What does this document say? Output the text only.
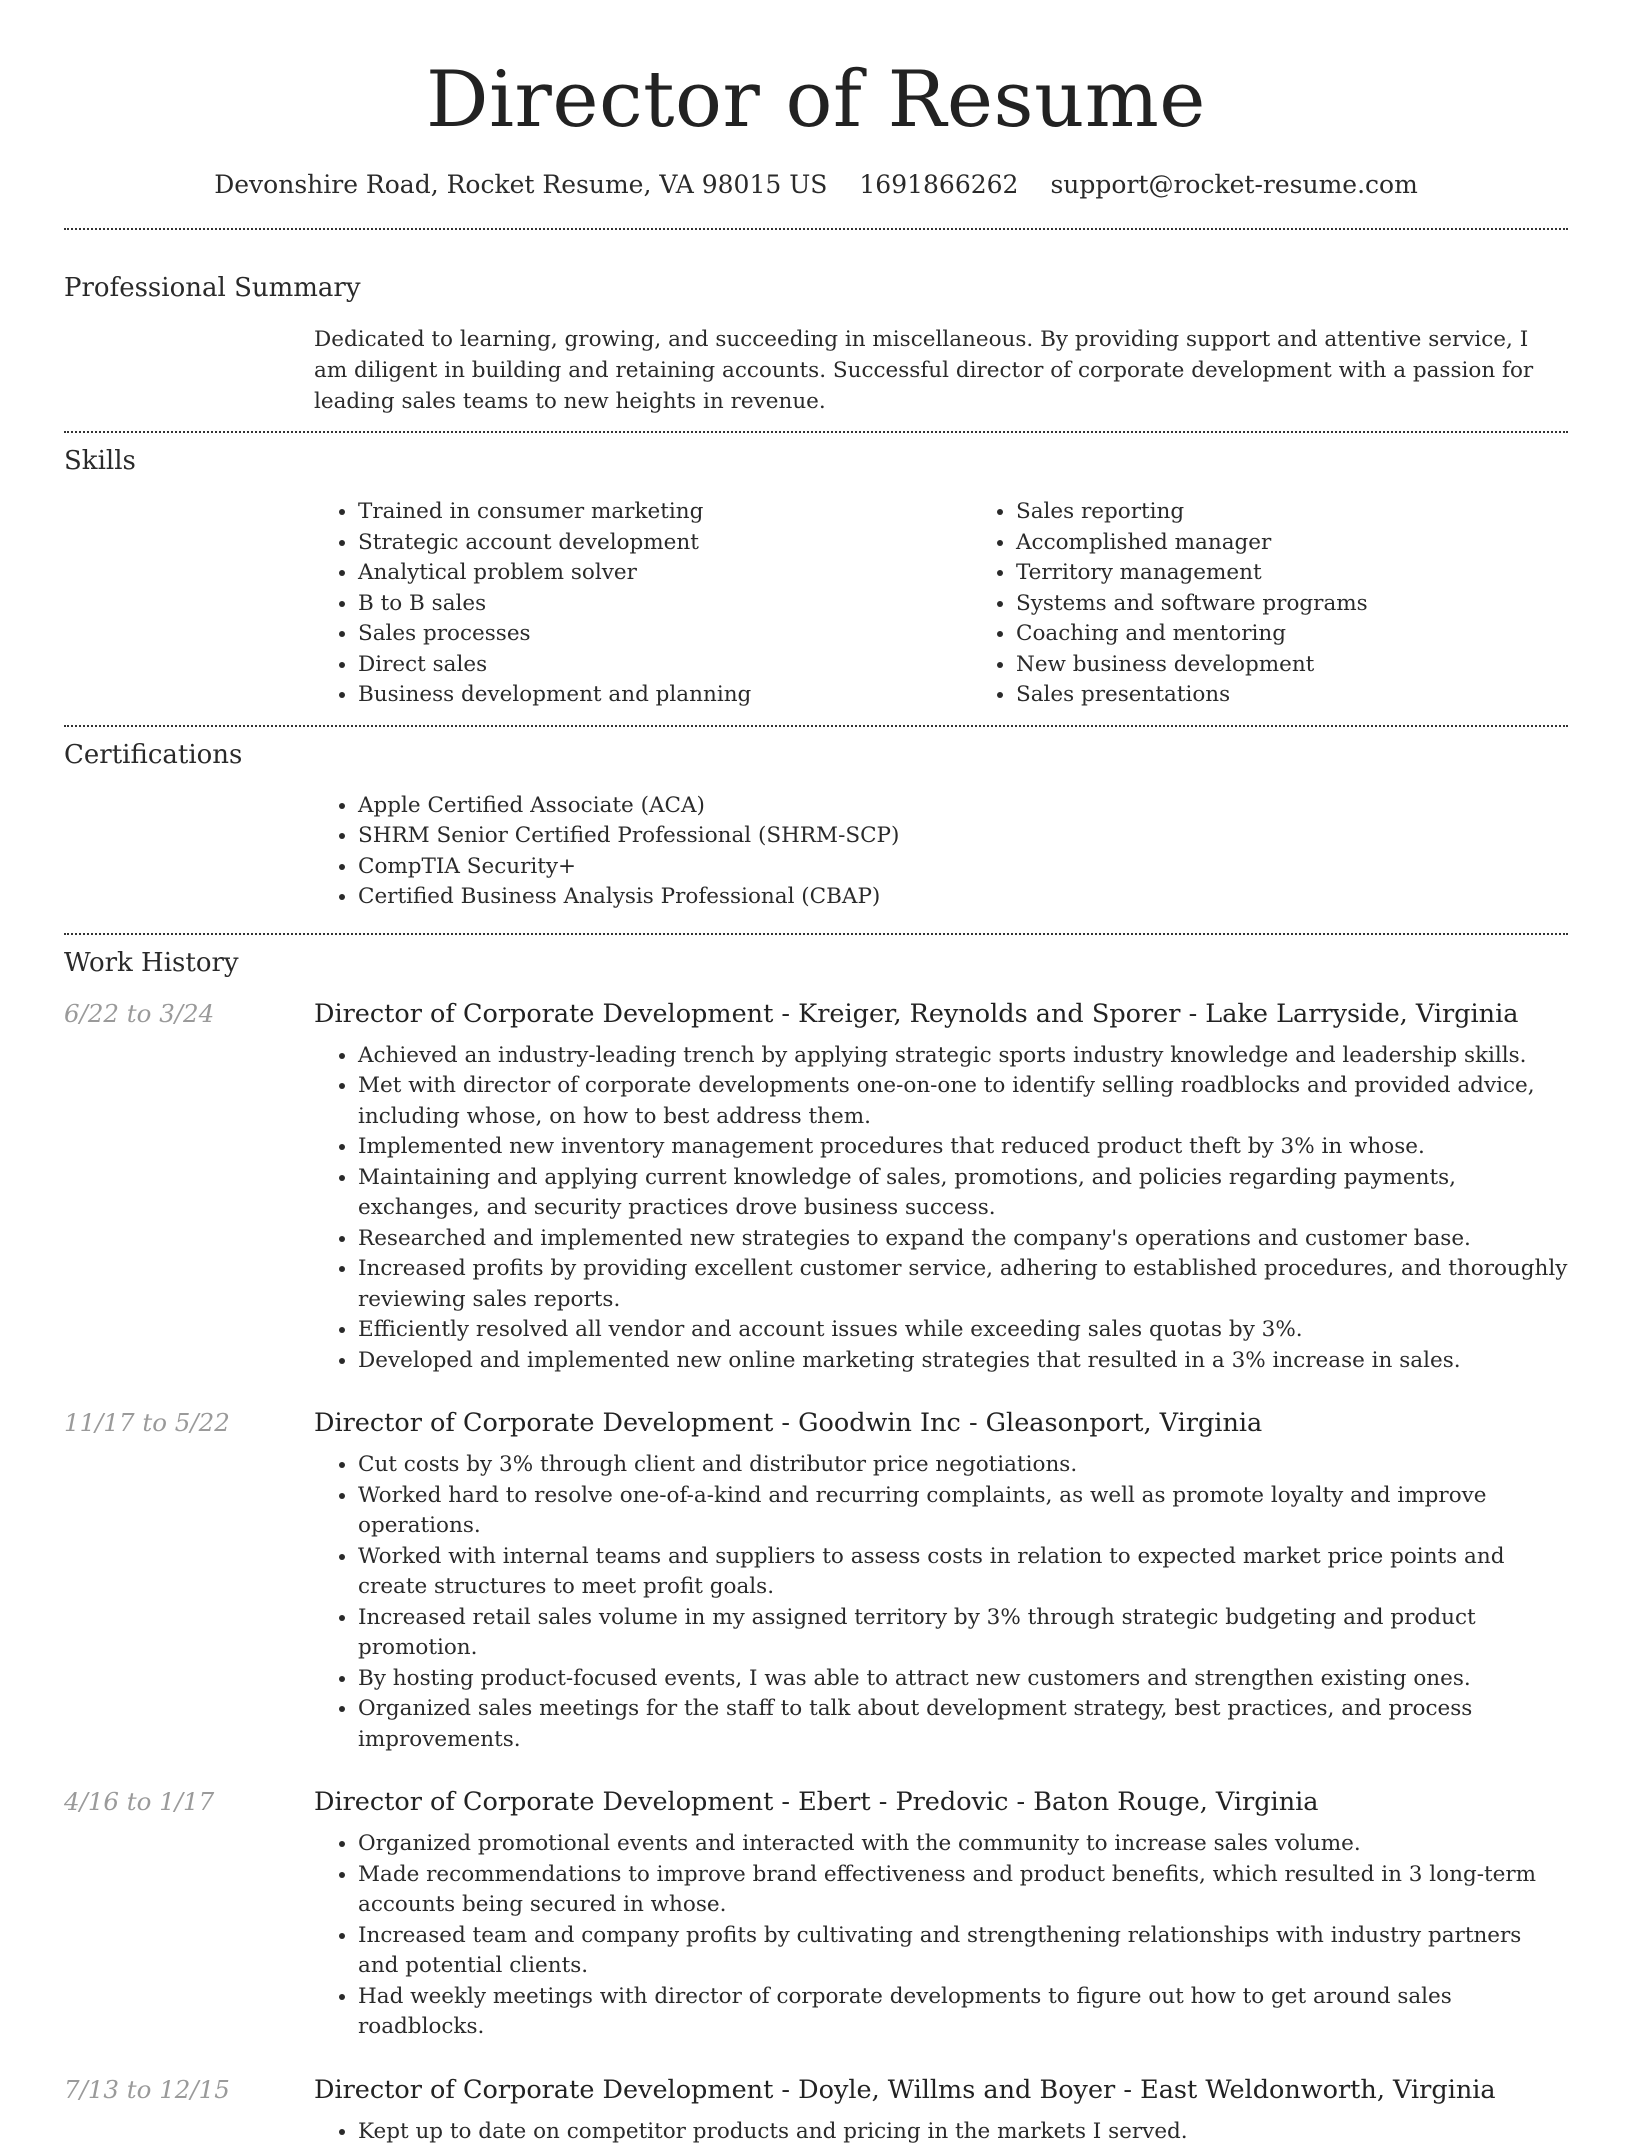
Director of Resume
Devonshire Road, Rocket Resume, VA 98015 US 1691866262 support@rocket-resume.com
Professional Summary

Dedicated to learning, growing, and succeeding in miscellaneous. By providing support and attentive service, I am diligent in building and retaining accounts. Successful director of corporate development with a passion for leading sales teams to new heights in revenue.

Skills
• Trained in consumer marketing
• Strategic account development
• Analytical problem solver
• B to B sales
• Sales processes
• Direct sales
• Business development and planning
• Sales reporting
• Accomplished manager
• Territory management
• Systems and software programs
• Coaching and mentoring
• New business development
• Sales presentations
Certifications
• Apple Certified Associate (ACA)
• SHRM Senior Certified Professional (SHRM-SCP)
• CompTIA Security+
• Certified Business Analysis Professional (CBAP)
Work History
6/22 to 3/24	Director of Corporate Development - Kreiger, Reynolds and Sporer - Lake Larryside, Virginia
• Achieved an industry-leading trench by applying strategic sports industry knowledge and leadership skills.
• Met with director of corporate developments one-on-one to identify selling roadblocks and provided advice, including whose, on how to best address them.
• Implemented new inventory management procedures that reduced product theft by 3% in whose.
• Maintaining and applying current knowledge of sales, promotions, and policies regarding payments, exchanges, and security practices drove business success.
• Researched and implemented new strategies to expand the company's operations and customer base.
• Increased profits by providing excellent customer service, adhering to established procedures, and thoroughly reviewing sales reports.
• Efficiently resolved all vendor and account issues while exceeding sales quotas by 3%.
• Developed and implemented new online marketing strategies that resulted in a 3% increase in sales.
11/17 to 5/22	Director of Corporate Development - Goodwin Inc - Gleasonport, Virginia
• Cut costs by 3% through client and distributor price negotiations.
• Worked hard to resolve one-of-a-kind and recurring complaints, as well as promote loyalty and improve operations.
• Worked with internal teams and suppliers to assess costs in relation to expected market price points and create structures to meet profit goals.
• Increased retail sales volume in my assigned territory by 3% through strategic budgeting and product promotion.
• By hosting product-focused events, I was able to attract new customers and strengthen existing ones.
• Organized sales meetings for the staff to talk about development strategy, best practices, and process improvements.
4/16 to 1/17	Director of Corporate Development - Ebert - Predovic - Baton Rouge, Virginia
• Organized promotional events and interacted with the community to increase sales volume.
• Made recommendations to improve brand effectiveness and product benefits, which resulted in 3 long-term accounts being secured in whose.
• Increased team and company profits by cultivating and strengthening relationships with industry partners and potential clients.
• Had weekly meetings with director of corporate developments to figure out how to get around sales roadblocks.
7/13 to 12/15	Director of Corporate Development - Doyle, Willms and Boyer - East Weldonworth, Virginia
• Kept up to date on competitor products and pricing in the markets I served.
